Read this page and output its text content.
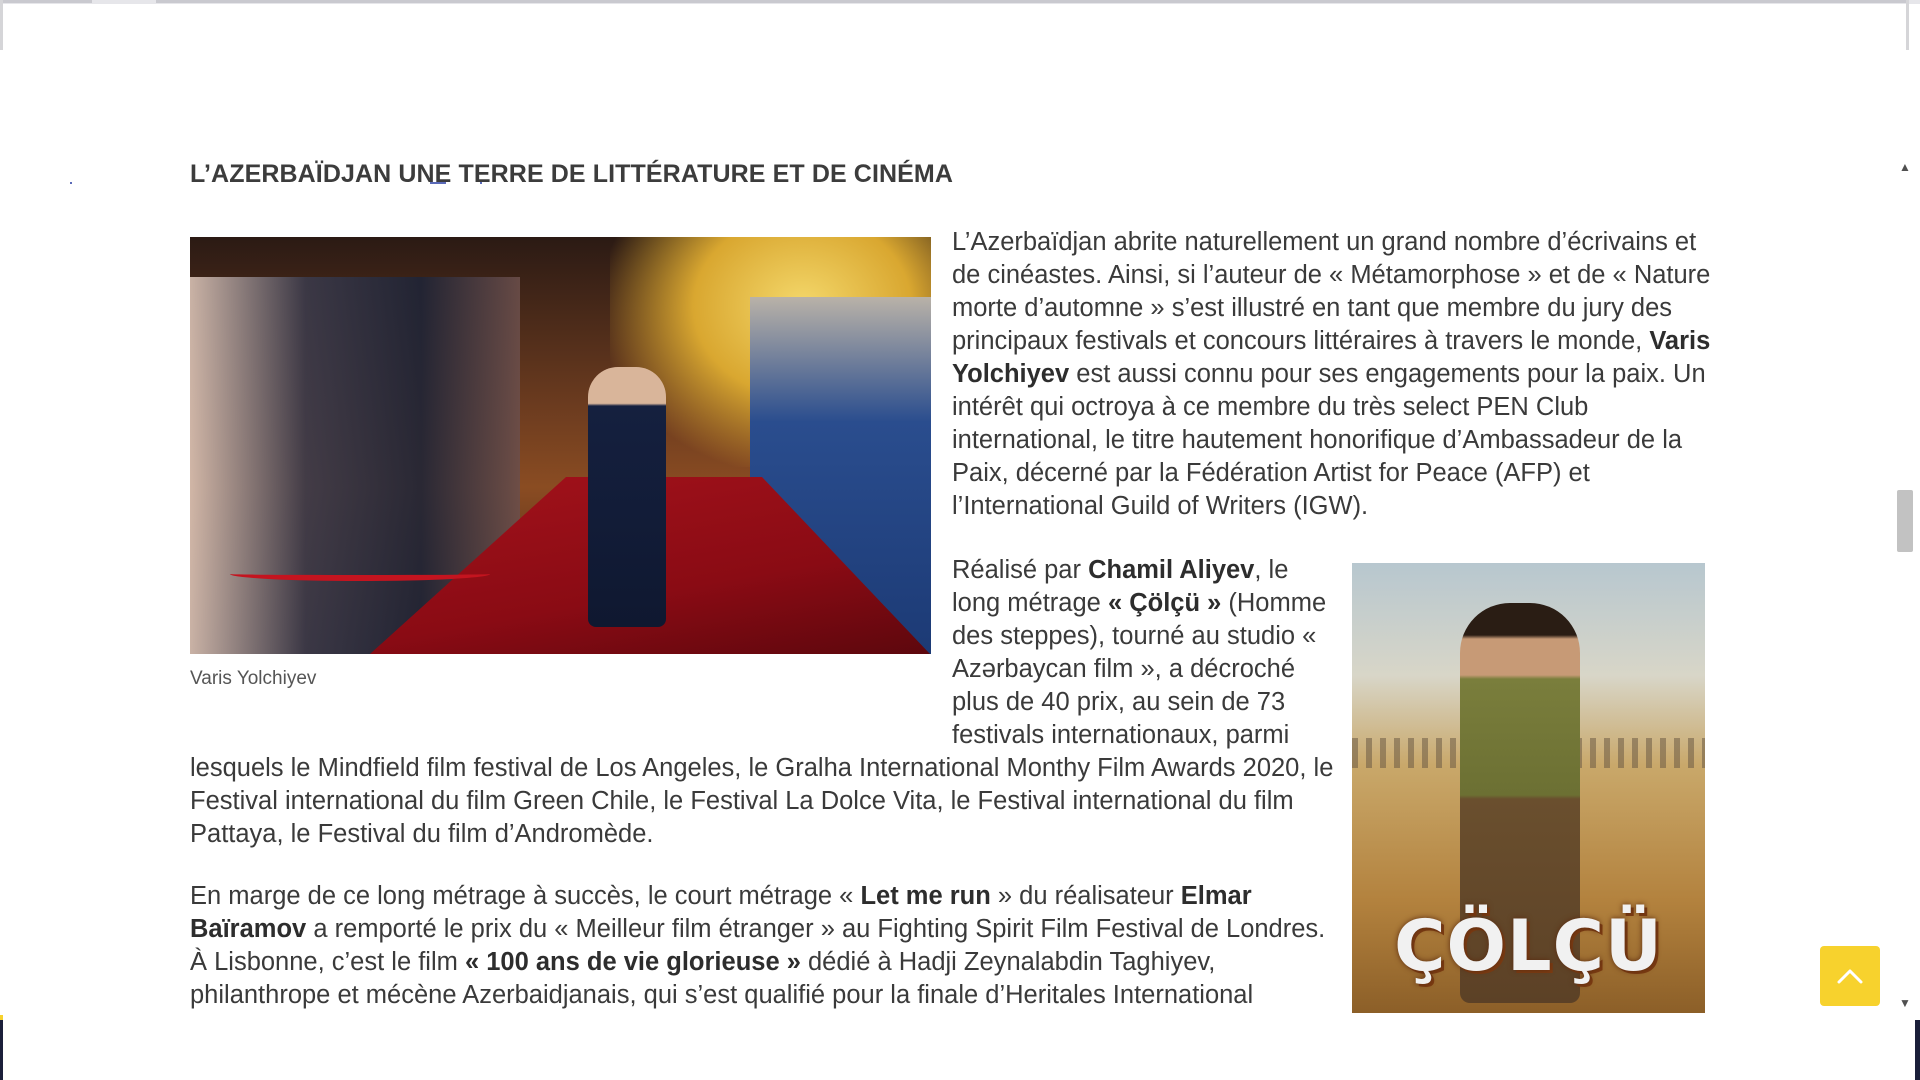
L’AZERBAÏDJAN UNE TERRE DE LITTÉRATURE ET DE CINÉMA
Varis Yolchiyev

L’Azerbaïdjan abrite naturellement un grand nombre d’écrivains et de cinéastes. Ainsi, si l’auteur de « Métamorphose » et de « Nature morte d’automne » s’est illustré en tant que membre du jury des principaux festivals et concours littéraires à travers le monde, Varis Yolchiyev est aussi connu pour ses engagements pour la paix. Un intérêt qui octroya à ce membre du très select PEN Club international, le titre hautement honorifique d’Ambassadeur de la Paix, décerné par la Fédération Artist for Peace (AFP) et l’International Guild of Writers (IGW).

Réalisé par Chamil Aliyev, le long métrage « Çölçü » (Homme des steppes), tourné au studio « Azərbaycan film », a décroché plus de 40 prix, au sein de 73 festivals internationaux, parmi

lesquels le Mindfield film festival de Los Angeles, le Gralha International Monthy Film Awards 2020, le Festival international du film Green Chile, le Festival La Dolce Vita, le Festival international du film Pattaya, le Festival du film d’Andromède.

En marge de ce long métrage à succès, le court métrage « Let me run » du réalisateur Elmar Baïramov a remporté le prix du « Meilleur film étranger » au Fighting Spirit Film Festival de Londres. À Lisbonne, c’est le film « 100 ans de vie glorieuse » dédié à Hadji Zeynalabdin Taghiyev, philanthrope et mécène Azerbaidjanais, qui s’est qualifié pour la finale d’Heritales International

ÇÖLÇÜ
▲
▼
